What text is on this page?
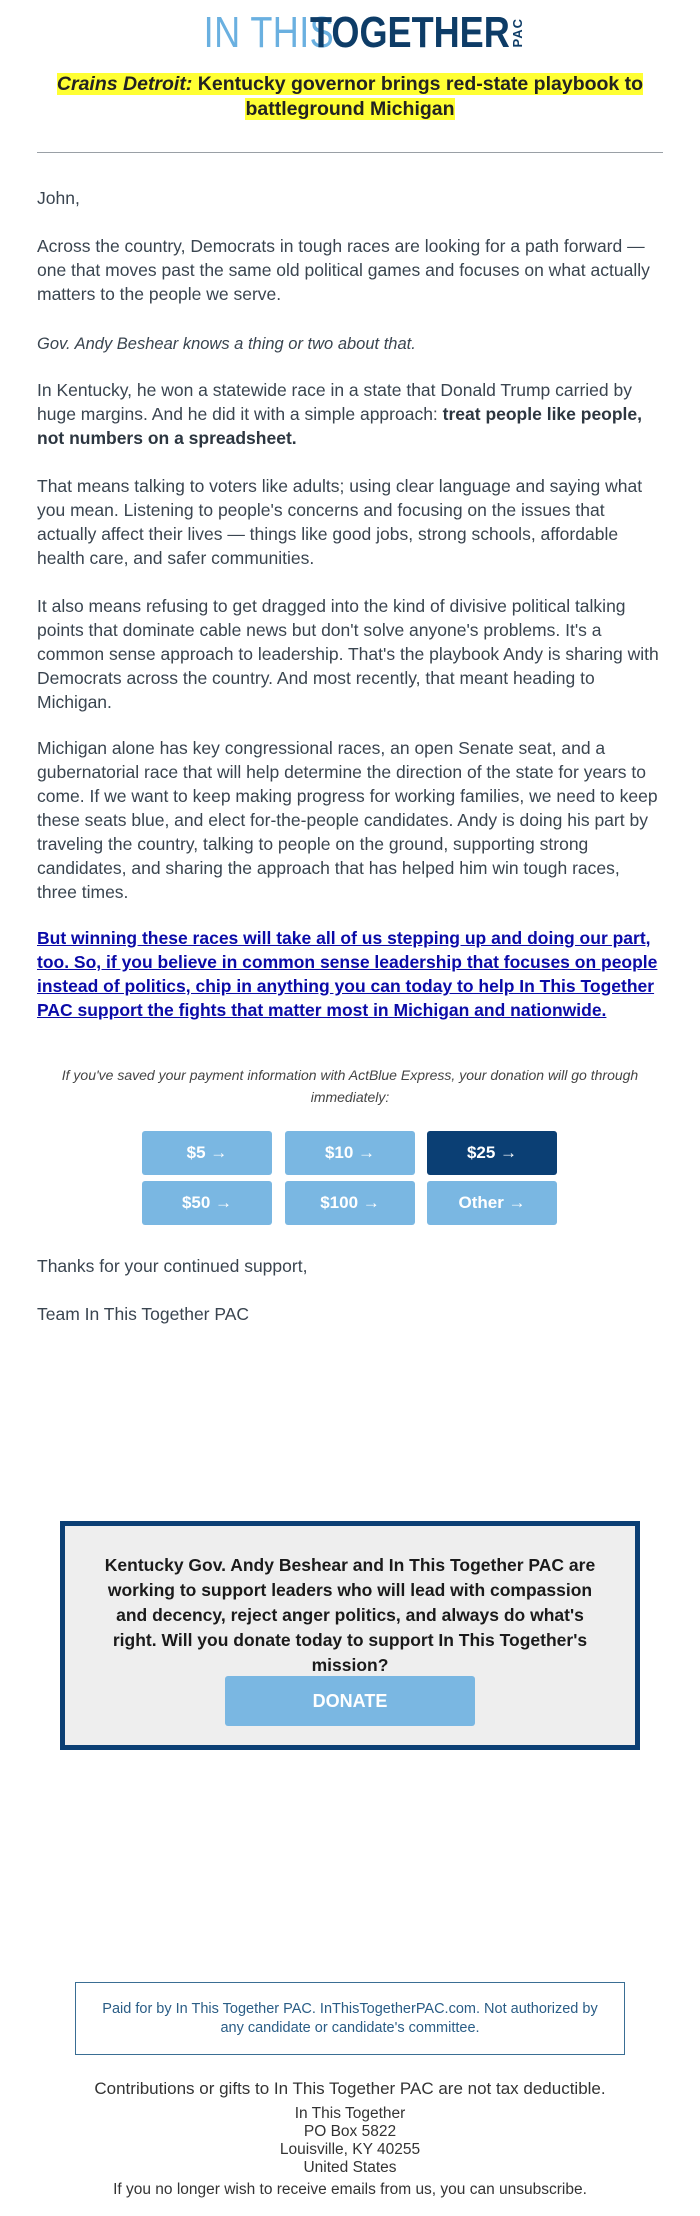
IN THIS
TOGETHER PAC
Crains Detroit: Kentucky governor brings red-state playbook to battleground Michigan
John,
Across the country, Democrats in tough races are looking for a path forward — one that moves past the same old political games and focuses on what actually matters to the people we serve.
Gov. Andy Beshear knows a thing or two about that.
In Kentucky, he won a statewide race in a state that Donald Trump carried by huge margins. And he did it with a simple approach: treat people like people, not numbers on a spreadsheet.
That means talking to voters like adults; using clear language and saying what you mean. Listening to people's concerns and focusing on the issues that actually affect their lives — things like good jobs, strong schools, affordable health care, and safer communities.
It also means refusing to get dragged into the kind of divisive political talking points that dominate cable news but don't solve anyone's problems. It's a common sense approach to leadership. That's the playbook Andy is sharing with Democrats across the country. And most recently, that meant heading to Michigan.
Michigan alone has key congressional races, an open Senate seat, and a gubernatorial race that will help determine the direction of the state for years to come. If we want to keep making progress for working families, we need to keep these seats blue, and elect for-the-people candidates. Andy is doing his part by traveling the country, talking to people on the ground, supporting strong candidates, and sharing the approach that has helped him win tough races, three times.
But winning these races will take all of us stepping up and doing our part, too. So, if you believe in common sense leadership that focuses on people instead of politics, chip in anything you can today to help In This Together PAC support the fights that matter most in Michigan and nationwide.
If you've saved your payment information with ActBlue Express, your donation will go through immediately:
$5 →	$10 →	$25 →
$50 →	$100 →	Other →
Thanks for your continued support,
Team In This Together PAC
Kentucky Gov. Andy Beshear and In This Together PAC are working to support leaders who will lead with compassion and decency, reject anger politics, and always do what's right. Will you donate today to support In This Together's mission?
DONATE
Paid for by In This Together PAC. InThisTogetherPAC.com. Not authorized by any candidate or candidate's committee.
Contributions or gifts to In This Together PAC are not tax deductible.
In This Together
PO Box 5822
Louisville, KY 40255
United States
If you no longer wish to receive emails from us, you can unsubscribe.
